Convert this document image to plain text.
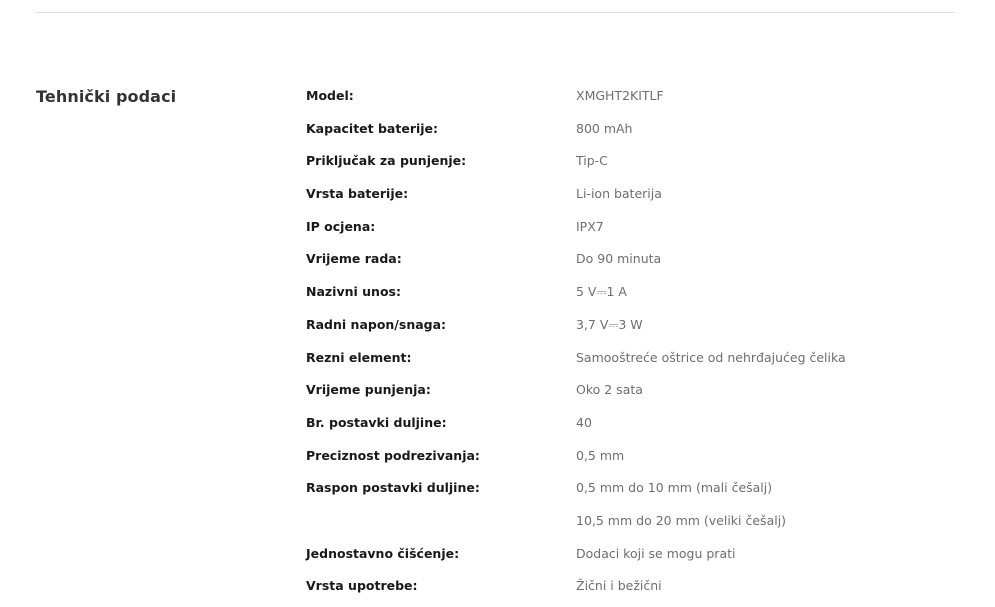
Tehnički podaci	Model:	XMGHT2KITLF
Kapacitet baterije:	800 mAh
Priključak za punjenje:	Tip-C
Vrsta baterije:	Li-ion baterija
IP ocjena:	IPX7
Vrijeme rada:	Do 90 minuta
Nazivni unos:	5 V⎓1 A
Radni napon/snaga:	3,7 V⎓3 W
Rezni element:	Samooštreće oštrice od nehrđajućeg čelika
Vrijeme punjenja:	Oko 2 sata
Br. postavki duljine:	40
Preciznost podrezivanja:	0,5 mm
Raspon postavki duljine:	0,5 mm do 10 mm (mali češalj)
10,5 mm do 20 mm (veliki češalj)
Jednostavno čišćenje:	Dodaci koji se mogu prati
Vrsta upotrebe:	Žični i bežični
